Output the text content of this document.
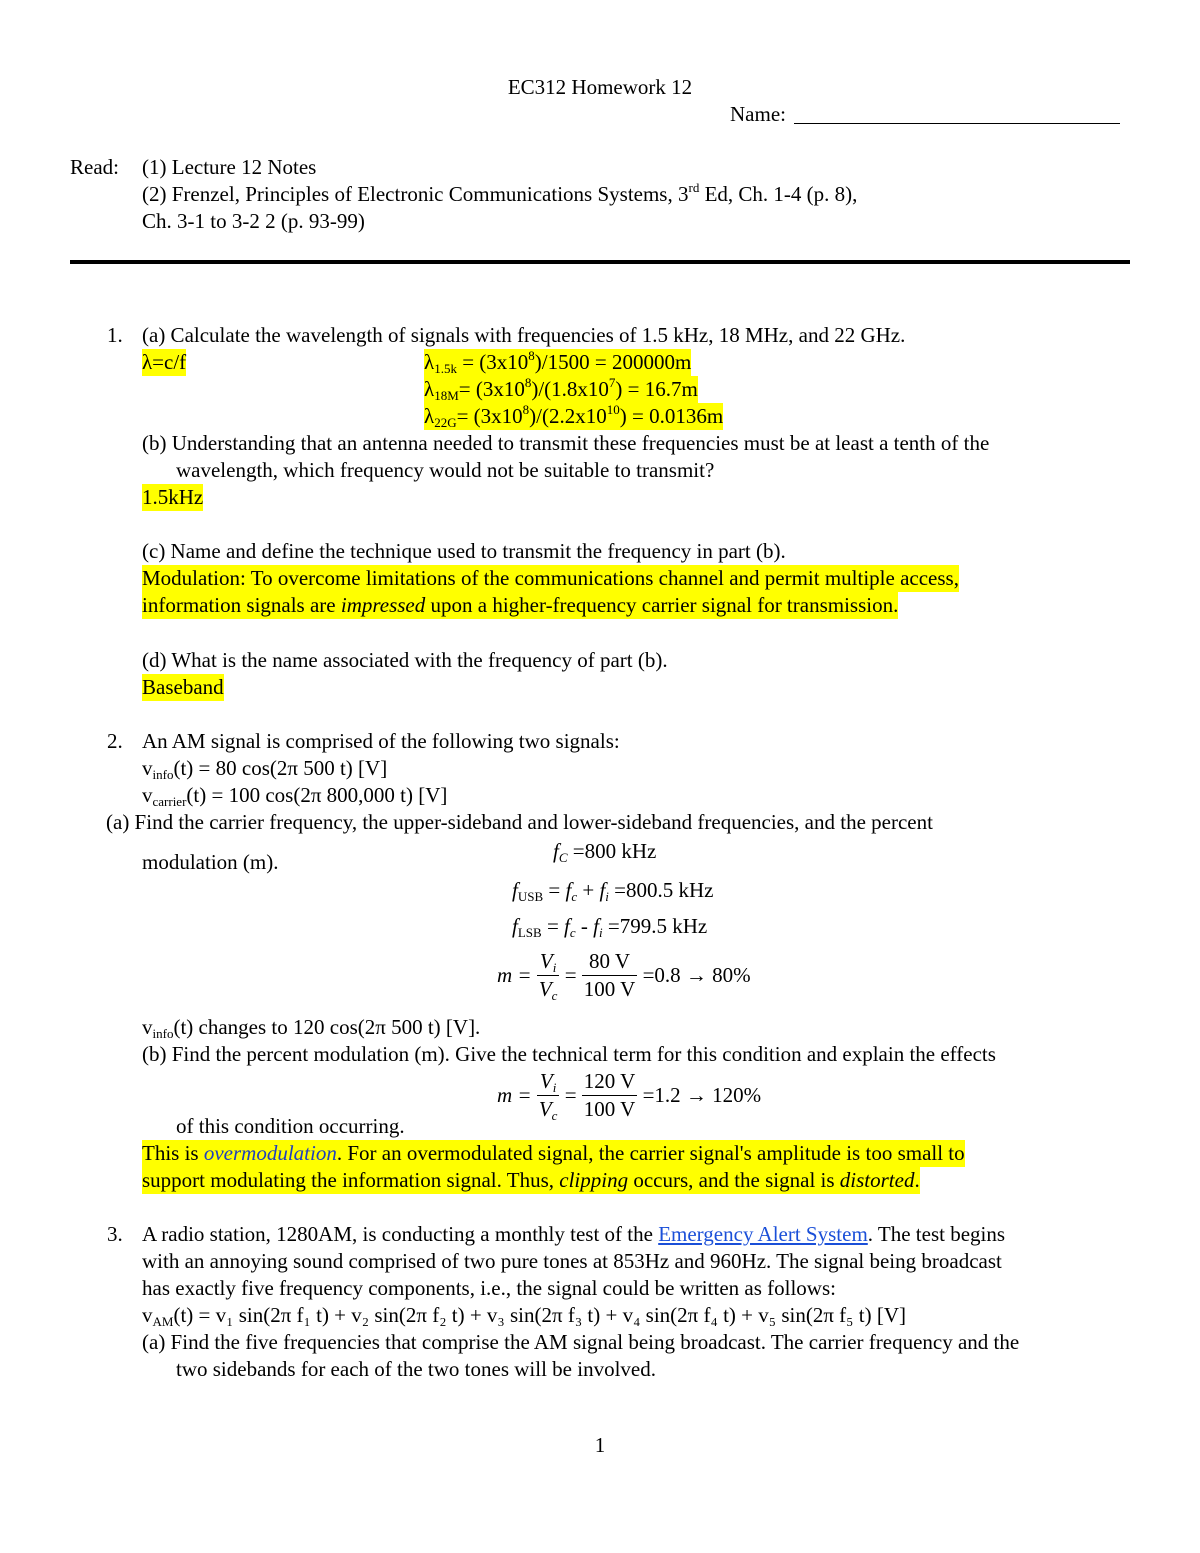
EC312 Homework 12
Name:
Read: (1) Lecture 12 Notes
(2) Frenzel, Principles of Electronic Communications Systems, 3rd Ed, Ch. 1-4 (p. 8),
Ch. 3-1 to 3-2 2 (p. 93-99)
1. (a) Calculate the wavelength of signals with frequencies of 1.5 kHz, 18 MHz, and 22 GHz.
λ=c/f	$\lambda_{1.5k} = (3x10^8)/1500 = 200000m$
$\lambda_{18M}= (3x10^8)/(1.8x10^7) = 16.7m$
$\lambda_{22G}= (3x10^8)/(2.2x10^{10}) = 0.0136m$
(b) Understanding that an antenna needed to transmit these frequencies must be at least a tenth of the
wavelength, which frequency would not be suitable to transmit?
1.5kHz
(c) Name and define the technique used to transmit the frequency in part (b).
Modulation: To overcome limitations of the communications channel and permit multiple access,
information signals are impressed upon a higher-frequency carrier signal for transmission.
(d) What is the name associated with the frequency of part (b).
Baseband
2. An AM signal is comprised of the following two signals:
$v_{info}(t) = 80$ cos(2π 500 t) [V]
$v_{carrier}(t) = 100$ cos(2π 800,000 t) [V]
(a) Find the carrier frequency, the upper-sideband and lower-sideband frequencies, and the percent
modulation (m).	$f_C =800$ kHz
$f_{USB} = f_c + f_i =800.5$ kHz
$f_{LSB} = f_c - f_i =799.5$ kHz
$m = \frac{V_i}{V_c} = \frac{80 V}{100 V} =0.8 \to 80\%$
$v_{info}(t)$ changes to 120 cos(2π 500 t) [V].
(b) Find the percent modulation (m). Give the technical term for this condition and explain the effects
$m = \frac{V_i}{V_c} = \frac{120 V}{100 V} =1.2 \to 120\%$
of this condition occurring.
This is overmodulation. For an overmodulated signal, the carrier signal's amplitude is too small to
support modulating the information signal. Thus, clipping occurs, and the signal is distorted.
3. A radio station, 1280AM, is conducting a monthly test of the Emergency Alert System. The test begins
with an annoying sound comprised of two pure tones at 853Hz and 960Hz. The signal being broadcast
has exactly five frequency components, i.e., the signal could be written as follows:
$v_{AM}(t) = v_1$ sin(2π f₁ t) + v₂ sin(2π f₂ t) + v₃ sin(2π f₃ t) + v₄ sin(2π f₄ t) + v₅ sin(2π f₅ t) [V]
(a) Find the five frequencies that comprise the AM signal being broadcast. The carrier frequency and the
two sidebands for each of the two tones will be involved.
1
